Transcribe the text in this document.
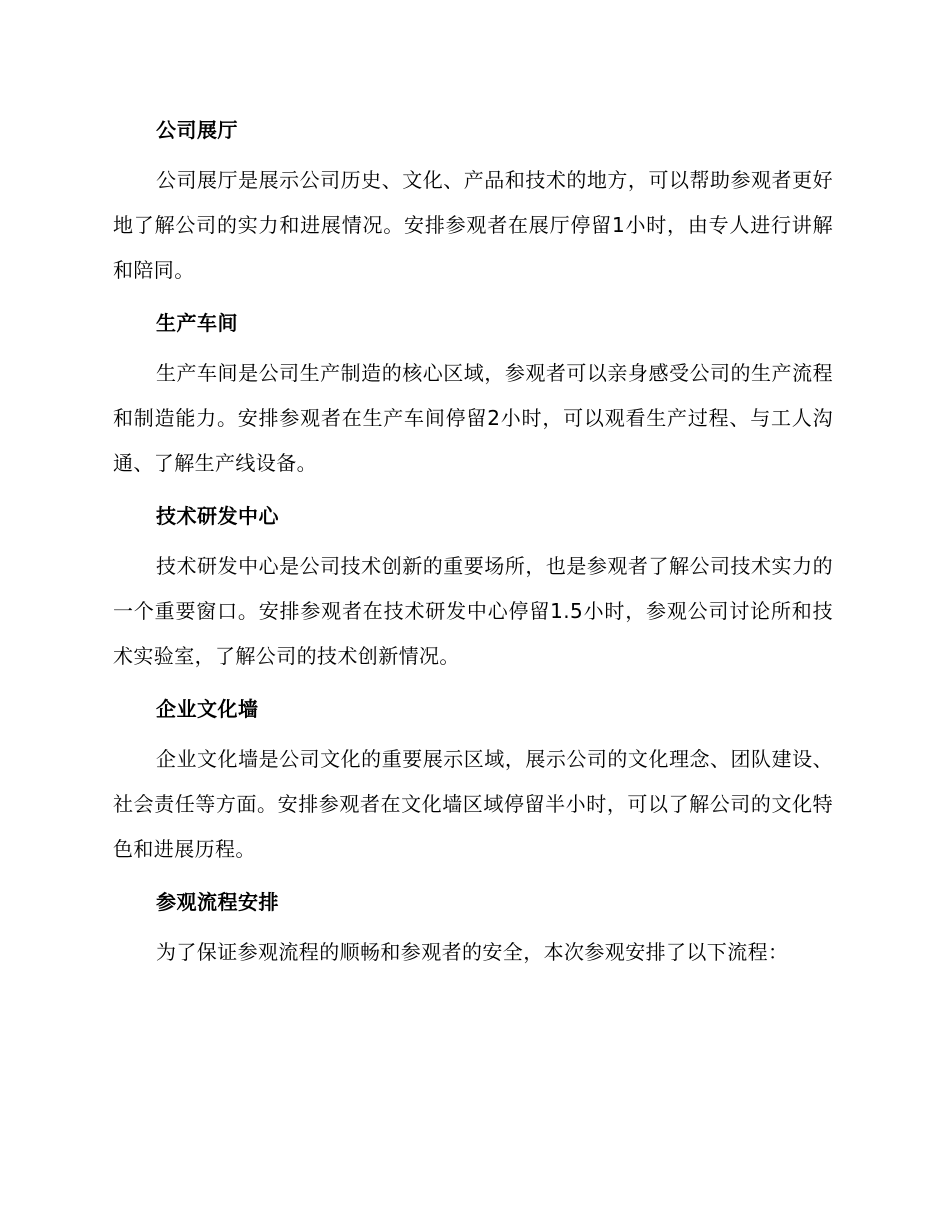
公司展厅

公司展厅是展示公司历史、文化、产品和技术的地方，可以帮助参观者更好地了解公司的实力和进展情况。安排参观者在展厅停留1小时，由专人进行讲解和陪同。

生产车间

生产车间是公司生产制造的核心区域，参观者可以亲身感受公司的生产流程和制造能力。安排参观者在生产车间停留2小时，可以观看生产过程、与工人沟通、了解生产线设备。

技术研发中心

技术研发中心是公司技术创新的重要场所，也是参观者了解公司技术实力的一个重要窗口。安排参观者在技术研发中心停留1.5小时，参观公司讨论所和技术实验室，了解公司的技术创新情况。

企业文化墙

企业文化墙是公司文化的重要展示区域，展示公司的文化理念、团队建设、社会责任等方面。安排参观者在文化墙区域停留半小时，可以了解公司的文化特色和进展历程。

参观流程安排

为了保证参观流程的顺畅和参观者的安全，本次参观安排了以下流程：
